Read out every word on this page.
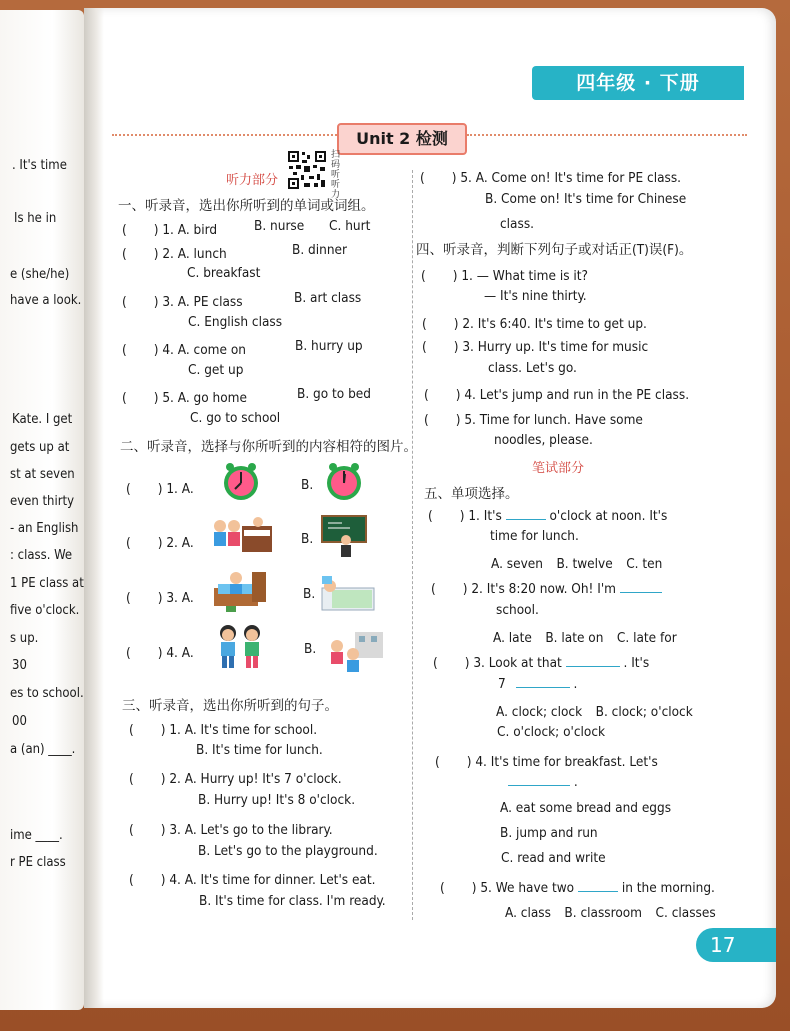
. It's time
Is he in
e (she/he)
have a look.
Kate. I get
gets up at
st at seven
even thirty
- an English
: class. We
1 PE class at
five o'clock.
s up.
30
es to school.
00
a (an) ____.
ime ____.
r PE class
四年级 · 下册
Unit 2 检测
听力部分
扫码听听力
一、听录音，选出你所听到的单词或词组。
(　　) 1. A. bird	B. nurse C. hurt
(　　) 2. A. lunch	B. dinner
C. breakfast
(　　) 3. A. PE class	B. art class
C. English class
(　　) 4. A. come on	B. hurry up
C. get up
(　　) 5. A. go home	B. go to bed
C. go to school
二、听录音，选择与你所听到的内容相符的图片。
(　　) 1. A.	B.
(　　) 2. A.	B.
(　　) 3. A.	B.
(　　) 4. A.	B.
三、听录音，选出你所听到的句子。
(　　) 1. A. It's time for school.
B. It's time for lunch.
(　　) 2. A. Hurry up! It's 7 o'clock.
B. Hurry up! It's 8 o'clock.
(　　) 3. A. Let's go to the library.
B. Let's go to the playground.
(　　) 4. A. It's time for dinner. Let's eat.
B. It's time for class. I'm ready.
(　　) 5. A. Come on! It's time for PE class.
B. Come on! It's time for Chinese
class.
四、听录音，判断下列句子或对话正(T)误(F)。
(　　) 1. — What time is it?
— It's nine thirty.
(　　) 2. It's 6:40. It's time to get up.
(　　) 3. Hurry up. It's time for music
class. Let's go.
(　　) 4. Let's jump and run in the PE class.
(　　) 5. Time for lunch. Have some
noodles, please.
笔试部分
五、单项选择。
(　　) 1. It's	o'clock at noon. It's
time for lunch.
A. seven　B. twelve　C. ten
(　　) 2. It's 8:20 now. Oh! I'm
school.
A. late　B. late on　C. late for
(　　) 3. Look at that	. It's
7	.
A. clock; clock　B. clock; o'clock
C. o'clock; o'clock
(　　) 4. It's time for breakfast. Let's
.
A. eat some bread and eggs
B. jump and run
C. read and write
(　　) 5. We have two	in the morning.
A. class　B. classroom　C. classes
17
